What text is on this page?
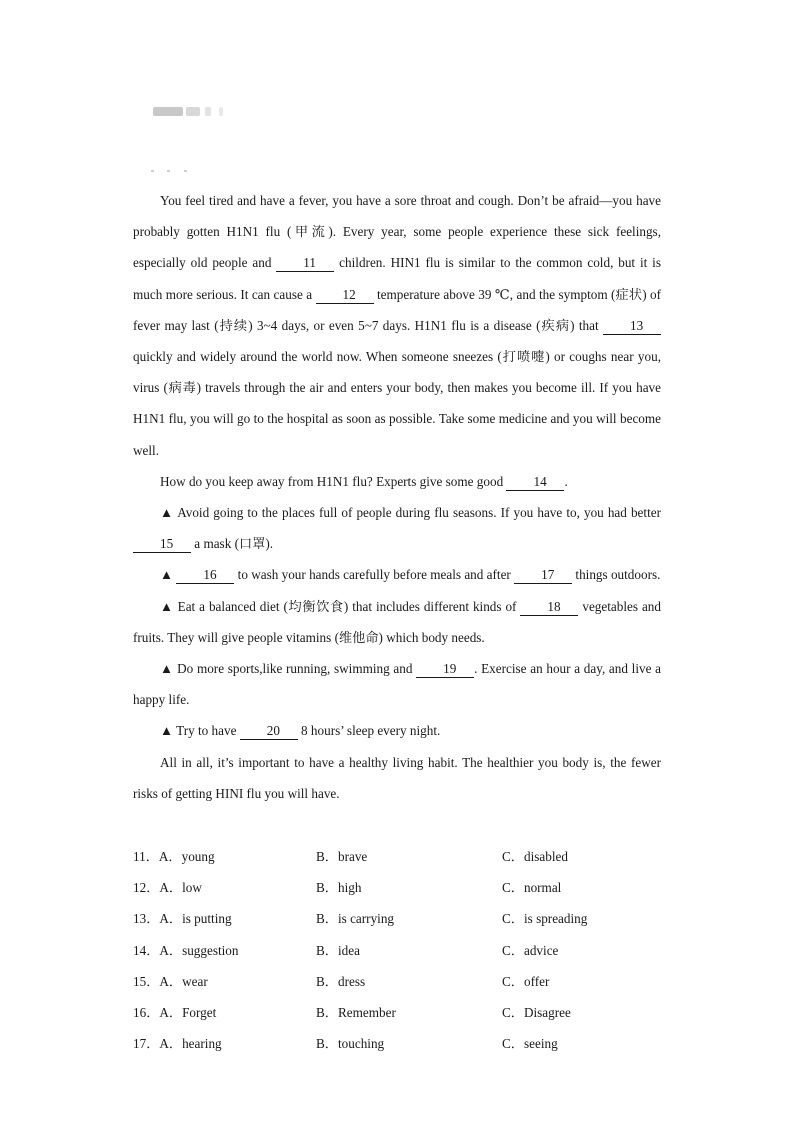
You feel tired and have a fever, you have a sore throat and cough. Don’t be afraid—you have probably gotten H1N1 flu (甲流). Every year, some people experience these sick feelings, especially old people and 11 children. HIN1 flu is similar to the common cold, but it is much more serious. It can cause a 12 temperature above 39 ℃, and the symptom (症状) of fever may last (持续) 3~4 days, or even 5~7 days. H1N1 flu is a disease (疾病) that 13 quickly and widely around the world now. When someone sneezes (打喷嚏) or coughs near you, virus (病毒) travels through the air and enters your body, then makes you become ill. If you have H1N1 flu, you will go to the hospital as soon as possible. Take some medicine and you will become well.

How do you keep away from H1N1 flu? Experts give some good 14 .

▲ Avoid going to the places full of people during flu seasons. If you have to, you had better 15 a mask (口罩).

▲ 16 to wash your hands carefully before meals and after 17 things outdoors.

▲ Eat a balanced diet (均衡饮食) that includes different kinds of 18 vegetables and fruits. They will give people vitamins (维他命) which body needs.

▲ Do more sports,like running, swimming and 19 . Exercise an hour a day, and live a happy life.

▲ Try to have 20 8 hours’ sleep every night.

All in all, it’s important to have a healthy living habit. The healthier you body is, the fewer risks of getting HINI flu you will have.

11．A．young	B．brave	C．disabled
12．A．low	B．high	C．normal
13．A．is putting	B．is carrying	C．is spreading
14．A．suggestion	B．idea	C．advice
15．A．wear	B．dress	C．offer
16．A．Forget	B．Remember	C．Disagree
17．A．hearing	B．touching	C．seeing
